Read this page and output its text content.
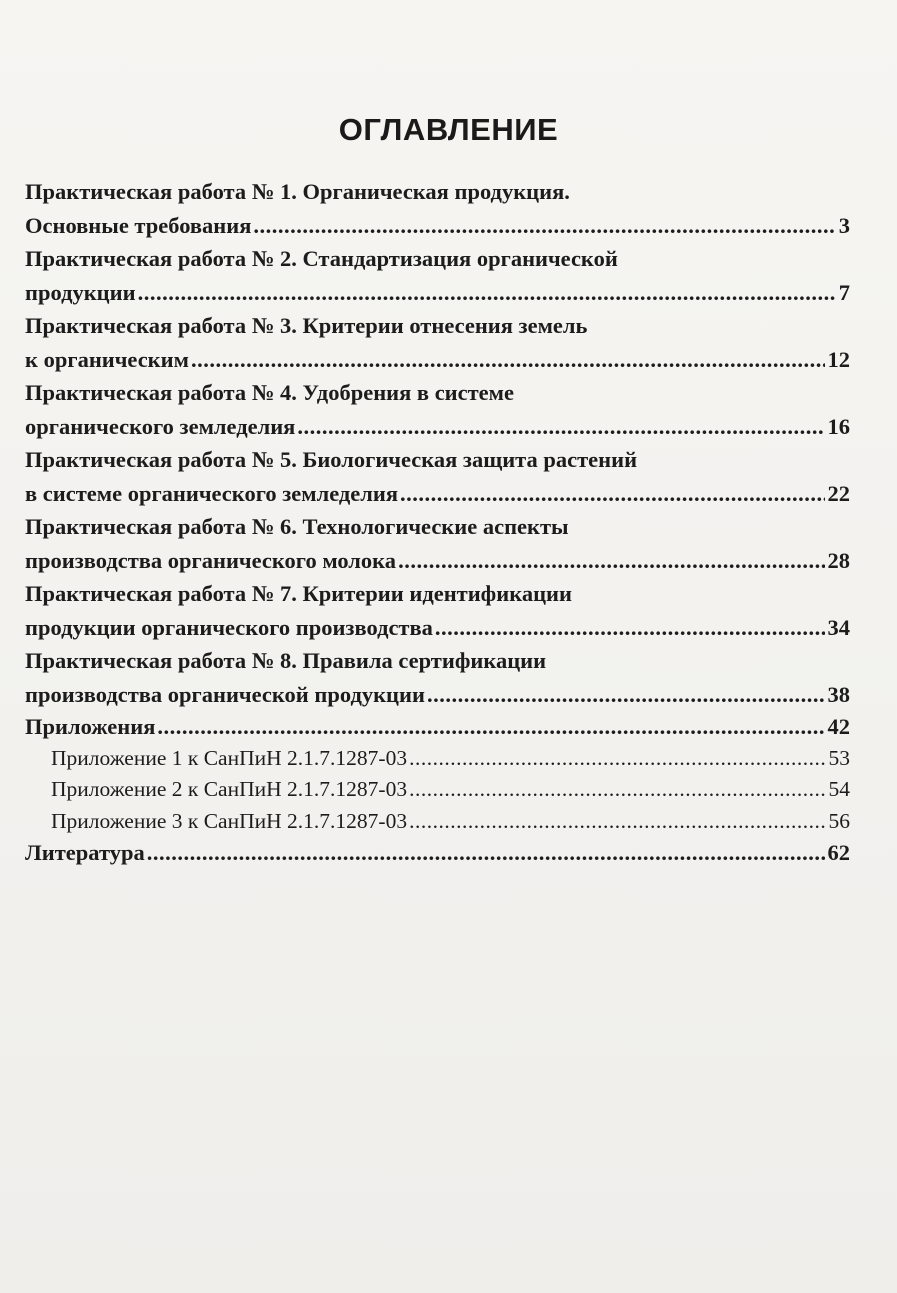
ОГЛАВЛЕНИЕ
Практическая работа № 1. Органическая продукция.
Основные требования .....	3
Практическая работа № 2. Стандартизация органической
продукции .....	7
Практическая работа № 3. Критерии отнесения земель
к органическим .....	12
Практическая работа № 4. Удобрения в системе
органического земледелия .....	16
Практическая работа № 5. Биологическая защита растений
в системе органического земледелия .....	22
Практическая работа № 6. Технологические аспекты
производства органического молока .....	28
Практическая работа № 7. Критерии идентификации
продукции органического производства .....	34
Практическая работа № 8. Правила сертификации
производства органической продукции .....	38
Приложения .....	42
Приложение 1 к СанПиН 2.1.7.1287-03 .....	53
Приложение 2 к СанПиН 2.1.7.1287-03 .....	54
Приложение 3 к СанПиН 2.1.7.1287-03 .....	56
Литература .....	62
